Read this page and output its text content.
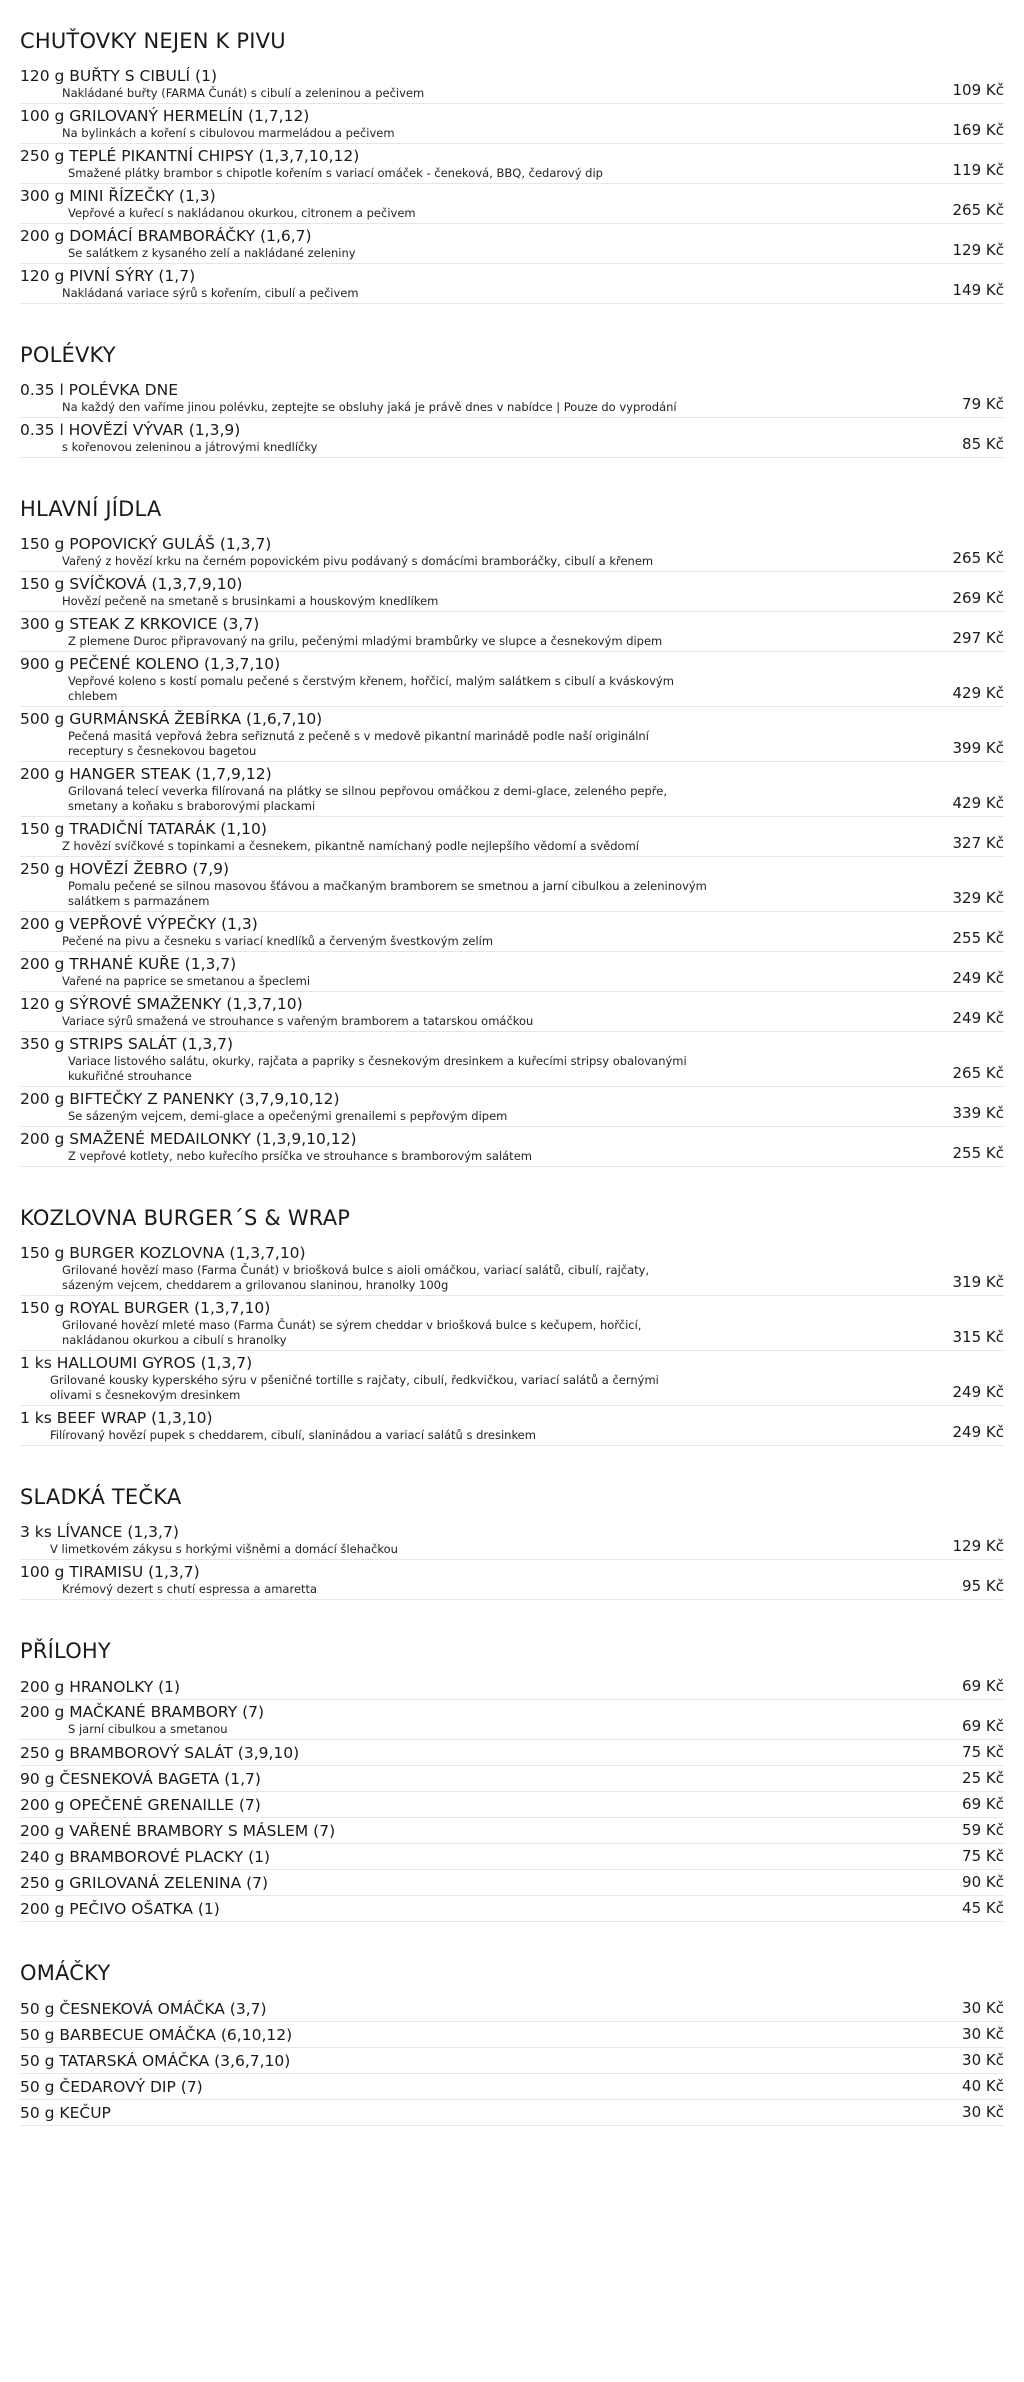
CHUŤOVKY NEJEN K PIVU
120 g BUŘTY S CIBULÍ (1)
Nakládané buřty (FARMA Čunát) s cibulí a zeleninou a pečivem	109 Kč
100 g GRILOVANÝ HERMELÍN (1,7,12)
Na bylinkách a koření s cibulovou marmeládou a pečivem	169 Kč
250 g TEPLÉ PIKANTNÍ CHIPSY (1,3,7,10,12)
Smažené plátky brambor s chipotle kořením s variací omáček - čeneková, BBQ, čedarový dip	119 Kč
300 g MINI ŘÍZEČKY (1,3)
Vepřové a kuřecí s nakládanou okurkou, citronem a pečivem	265 Kč
200 g DOMÁCÍ BRAMBORÁČKY (1,6,7)
Se salátkem z kysaného zelí a nakládané zeleniny	129 Kč
120 g PIVNÍ SÝRY (1,7)
Nakládaná variace sýrů s kořením, cibulí a pečivem	149 Kč
POLÉVKY
0.35 l POLÉVKA DNE
Na každý den vaříme jinou polévku, zeptejte se obsluhy jaká je právě dnes v nabídce | Pouze do vyprodání	79 Kč
0.35 l HOVĚZÍ VÝVAR (1,3,9)
s kořenovou zeleninou a játrovými knedlíčky	85 Kč
HLAVNÍ JÍDLA
150 g POPOVICKÝ GULÁŠ (1,3,7)
Vařený z hovězí krku na černém popovickém pivu podávaný s domácími bramboráčky, cibulí a křenem	265 Kč
150 g SVÍČKOVÁ (1,3,7,9,10)
Hovězí pečeně na smetaně s brusinkami a houskovým knedlíkem	269 Kč
300 g STEAK Z KRKOVICE (3,7)
Z plemene Duroc připravovaný na grilu, pečenými mladými brambůrky ve slupce a česnekovým dipem	297 Kč
900 g PEČENÉ KOLENO (1,3,7,10)
Vepřové koleno s kostí pomalu pečené s čerstvým křenem, hořčicí, malým salátkem s cibulí a kváskovým chlebem	429 Kč
500 g GURMÁNSKÁ ŽEBÍRKA (1,6,7,10)
Pečená masitá vepřová žebra seřiznutá z pečeně s v medově pikantní marinádě podle naší originální receptury s česnekovou bagetou	399 Kč
200 g HANGER STEAK (1,7,9,12)
Grilovaná telecí veverka filírovaná na plátky se silnou pepřovou omáčkou z demi-glace, zeleného pepře, smetany a koňaku s braborovými plackami	429 Kč
150 g TRADIČNÍ TATARÁK (1,10)
Z hovězí svíčkové s topinkami a česnekem, pikantně namíchaný podle nejlepšího vědomí a svědomí	327 Kč
250 g HOVĚZÍ ŽEBRO (7,9)
Pomalu pečené se silnou masovou šťávou a mačkaným bramborem se smetnou a jarní cibulkou a zeleninovým salátkem s parmazánem	329 Kč
200 g VEPŘOVÉ VÝPEČKY (1,3)
Pečené na pivu a česneku s variací knedlíků a červeným švestkovým zelím	255 Kč
200 g TRHANÉ KUŘE (1,3,7)
Vařené na paprice se smetanou a špeclemi	249 Kč
120 g SÝROVÉ SMAŽENKY (1,3,7,10)
Variace sýrů smažená ve strouhance s vařeným bramborem a tatarskou omáčkou	249 Kč
350 g STRIPS SALÁT (1,3,7)
Variace listového salátu, okurky, rajčata a papriky s česnekovým dresinkem a kuřecími stripsy obalovanými kukuřičné strouhance	265 Kč
200 g BIFTEČKY Z PANENKY (3,7,9,10,12)
Se sázeným vejcem, demi-glace a opečenými grenailemi s pepřovým dipem	339 Kč
200 g SMAŽENÉ MEDAILONKY (1,3,9,10,12)
Z vepřové kotlety, nebo kuřecího prsíčka ve strouhance s bramborovým salátem	255 Kč
KOZLOVNA BURGER´S & WRAP
150 g BURGER KOZLOVNA (1,3,7,10)
Grilované hovězí maso (Farma Čunát) v briošková bulce s aioli omáčkou, variací salátů, cibulí, rajčaty, sázeným vejcem, cheddarem a grilovanou slaninou, hranolky 100g	319 Kč
150 g ROYAL BURGER (1,3,7,10)
Grilované hovězí mleté maso (Farma Čunát) se sýrem cheddar v briošková bulce s kečupem, hořčicí, nakládanou okurkou a cibulí s hranolky	315 Kč
1 ks HALLOUMI GYROS (1,3,7)
Grilované kousky kyperského sýru v pšeničné tortille s rajčaty, cibulí, ředkvičkou, variací salátů a černými olivami s česnekovým dresinkem	249 Kč
1 ks BEEF WRAP (1,3,10)
Filírovaný hovězí pupek s cheddarem, cibulí, slaninádou a variací salátů s dresinkem	249 Kč
SLADKÁ TEČKA
3 ks LÍVANCE (1,3,7)
V limetkovém zákysu s horkými višněmi a domácí šlehačkou	129 Kč
100 g TIRAMISU (1,3,7)
Krémový dezert s chutí espressa a amaretta	95 Kč
PŘÍLOHY
200 g HRANOLKY (1)	69 Kč
200 g MAČKANÉ BRAMBORY (7)
S jarní cibulkou a smetanou	69 Kč
250 g BRAMBOROVÝ SALÁT (3,9,10)	75 Kč
90 g ČESNEKOVÁ BAGETA (1,7)	25 Kč
200 g OPEČENÉ GRENAILLE (7)	69 Kč
200 g VAŘENÉ BRAMBORY S MÁSLEM (7)	59 Kč
240 g BRAMBOROVÉ PLACKY (1)	75 Kč
250 g GRILOVANÁ ZELENINA (7)	90 Kč
200 g PEČIVO OŠATKA (1)	45 Kč
OMÁČKY
50 g ČESNEKOVÁ OMÁČKA (3,7)	30 Kč
50 g BARBECUE OMÁČKA (6,10,12)	30 Kč
50 g TATARSKÁ OMÁČKA (3,6,7,10)	30 Kč
50 g ČEDAROVÝ DIP (7)	40 Kč
50 g KEČUP	30 Kč
